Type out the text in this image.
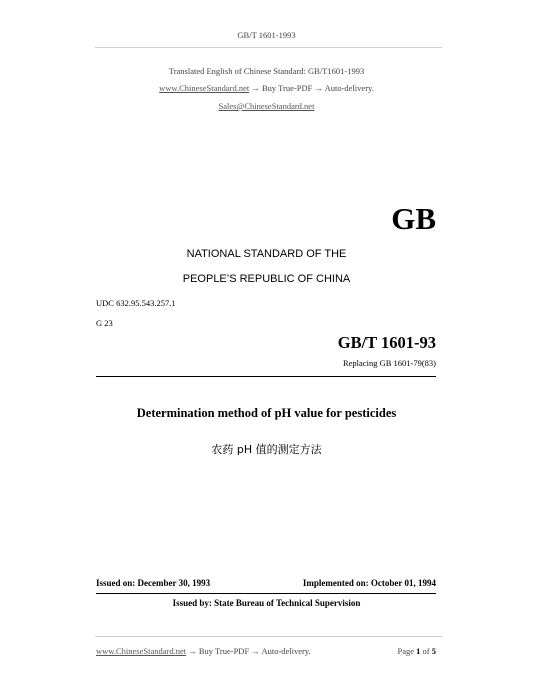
GB/T 1601-1993
Translated English of Chinese Standard: GB/T1601-1993
www.ChineseStandard.net → Buy True-PDF → Auto-delivery.
Sales@ChineseStandard.net
GB
NATIONAL STANDARD OF THE
PEOPLE’S REPUBLIC OF CHINA
UDC 632.95.543.257.1
G 23
GB/T 1601-93
Replacing GB 1601-79(83)
Determination method of pH value for pesticides
农药 pH 值的测定方法
Issued on: December 30, 1993	Implemented on: October 01, 1994
Issued by: State Bureau of Technical Supervision
www.ChineseStandard.net → Buy True-PDF → Auto-delivery.	Page 1 of 5
